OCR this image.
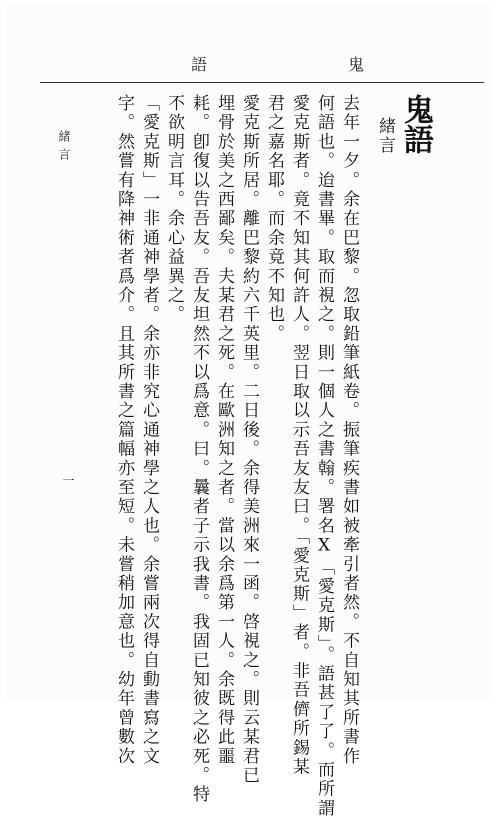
語	鬼
鬼語
緒言
去年一夕。余在巴黎。忽取鉛筆紙卷。振筆疾書如被牽引者然。不自知其所書作
何語也。迨書畢。取而視之。則一個人之書翰。署名X「愛克斯」。語甚了了。而所謂
愛克斯者。竟不知其何許人。翌日取以示吾友友曰。「愛克斯」者。非吾儕所錫某
君之嘉名耶。而余竟不知也。
愛克斯所居。離巴黎約六千英里。二日後。余得美洲來一函。啓視之。則云某君已
埋骨於美之西鄙矣。夫某君之死。在歐洲知之者。當以余爲第一人。余既得此噩
耗。卽復以告吾友。吾友坦然不以爲意。曰。曩者子示我書。我固已知彼之必死。特
不欲明言耳。余心益異之。
「愛克斯」一非通神學者。余亦非究心通神學之人也。余嘗兩次得自動書寫之文
字。然嘗有降神術者爲介。且其所書之篇幅亦至短。未嘗稍加意也。幼年曾數次
緒言
一
